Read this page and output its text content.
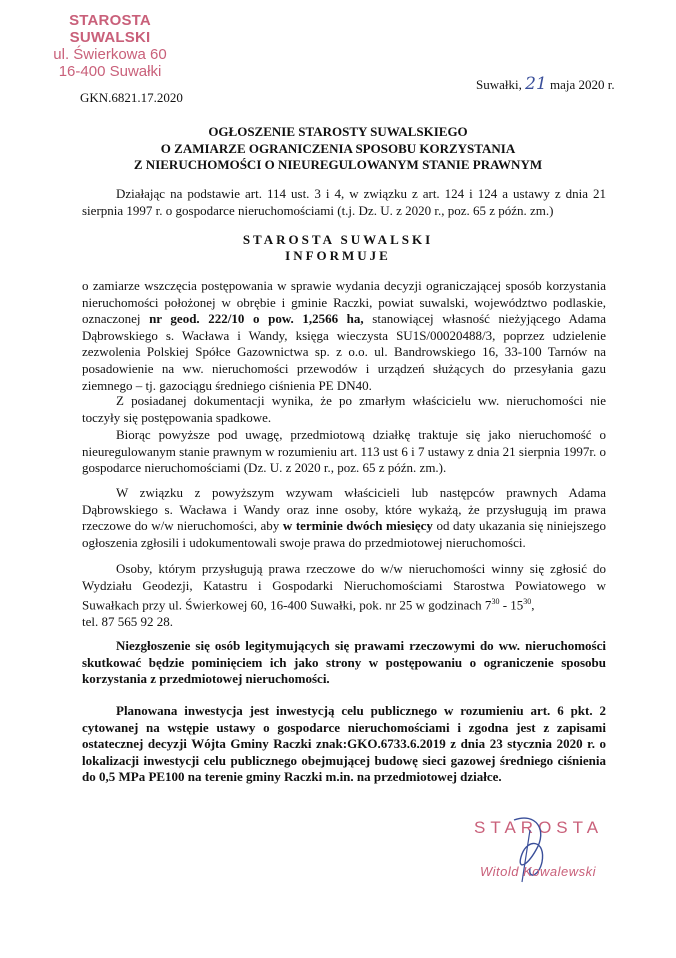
STAROSTA SUWALSKI
ul. Świerkowa 60
16-400 Suwałki
Suwałki, 21 maja 2020 r.
GKN.6821.17.2020
OGŁOSZENIE STAROSTY SUWALSKIEGO
O ZAMIARZE OGRANICZENIA SPOSOBU KORZYSTANIA
Z NIERUCHOMOŚCI O NIEUREGULOWANYM STANIE PRAWNYM
Działając na podstawie art. 114 ust. 3 i 4, w związku z art. 124 i 124 a ustawy z dnia 21 sierpnia 1997 r. o gospodarce nieruchomościami (t.j. Dz. U. z 2020 r., poz. 65 z późn. zm.)
STAROSTA SUWALSKI
INFORMUJE
o zamiarze wszczęcia postępowania w sprawie wydania decyzji ograniczającej sposób korzystania nieruchomości położonej w obrębie i gminie Raczki, powiat suwalski, województwo podlaskie, oznaczonej nr geod. 222/10 o pow. 1,2566 ha, stanowiącej własność nieżyjącego Adama Dąbrowskiego s. Wacława i Wandy, księga wieczysta SU1S/00020488/3, poprzez udzielenie zezwolenia Polskiej Spółce Gazownictwa sp. z o.o. ul. Bandrowskiego 16, 33-100 Tarnów na posadowienie na ww. nieruchomości przewodów i urządzeń służących do przesyłania gazu ziemnego – tj. gazociągu średniego ciśnienia PE DN40.
Z posiadanej dokumentacji wynika, że po zmarłym właścicielu ww. nieruchomości nie toczyły się postępowania spadkowe.
Biorąc powyższe pod uwagę, przedmiotową działkę traktuje się jako nieruchomość o nieuregulowanym stanie prawnym w rozumieniu art. 113 ust 6 i 7 ustawy z dnia 21 sierpnia 1997r. o gospodarce nieruchomościami (Dz. U. z 2020 r., poz. 65 z późn. zm.).
W związku z powyższym wzywam właścicieli lub następców prawnych Adama Dąbrowskiego s. Wacława i Wandy oraz inne osoby, które wykażą, że przysługują im prawa rzeczowe do w/w nieruchomości, aby w terminie dwóch miesięcy od daty ukazania się niniejszego ogłoszenia zgłosili i udokumentowali swoje prawa do przedmiotowej nieruchomości.
Osoby, którym przysługują prawa rzeczowe do w/w nieruchomości winny się zgłosić do Wydziału Geodezji, Katastru i Gospodarki Nieruchomościami Starostwa Powiatowego w Suwałkach przy ul. Świerkowej 60, 16-400 Suwałki, pok. nr 25 w godzinach $7^{30} - 15^{30}$,
tel. 87 565 92 28.
Niezgłoszenie się osób legitymujących się prawami rzeczowymi do ww. nieruchomości skutkować będzie pominięciem ich jako strony w postępowaniu o ograniczenie sposobu korzystania z przedmiotowej nieruchomości.
Planowana inwestycja jest inwestycją celu publicznego w rozumieniu art. 6 pkt. 2 cytowanej na wstępie ustawy o gospodarce nieruchomościami i zgodna jest z zapisami ostatecznej decyzji Wójta Gminy Raczki znak:GKO.6733.6.2019 z dnia 23 stycznia 2020 r. o lokalizacji inwestycji celu publicznego obejmującej budowę sieci gazowej średniego ciśnienia do 0,5 MPa PE100 na terenie gminy Raczki m.in. na przedmiotowej działce.
STAROSTA
Witold Kowalewski
